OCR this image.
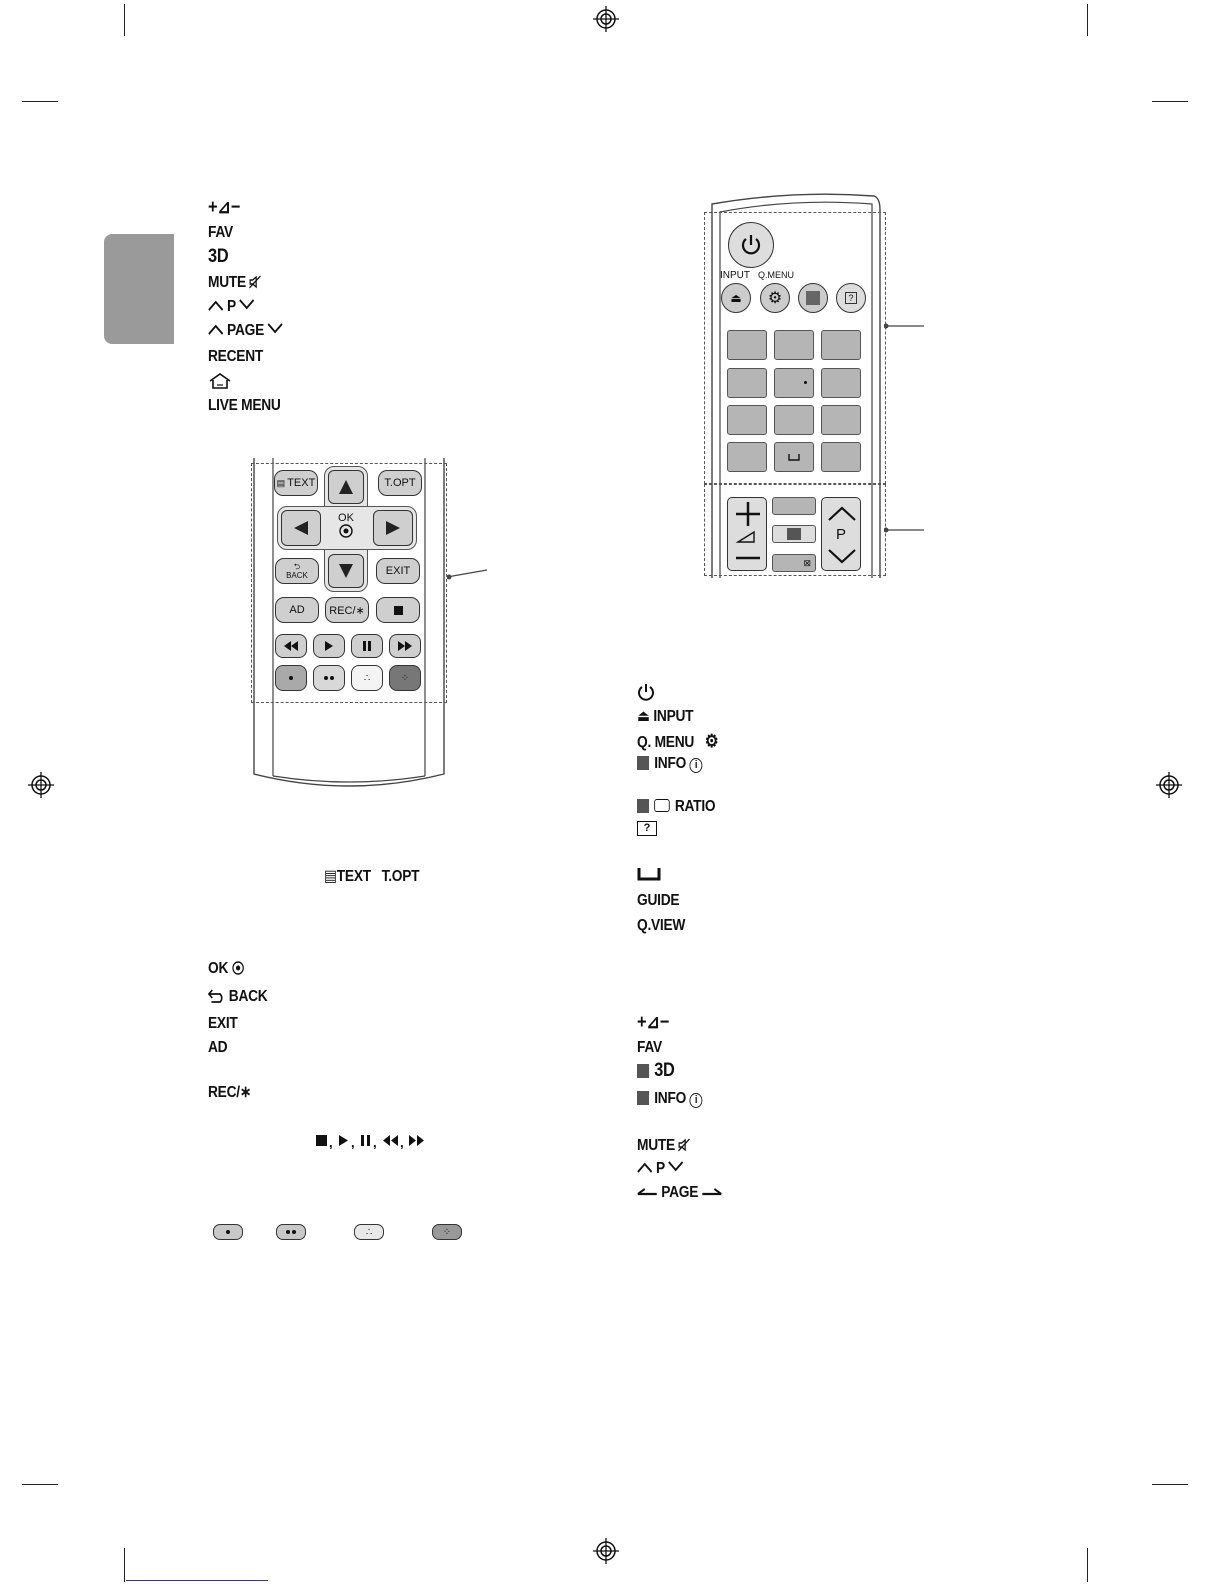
+⊿−
FAV
3D
MUTE
P
PAGE
RECENT
LIVE MENU
▤ TEXT	T.OPT
OK
⮌
BACK	EXIT
AD REC/∗
∴	⁘
▤TEXT T.OPT
OK
BACK
EXIT
AD
REC/∗
, , , ,
∴	⁘
INPUT Q.MENU
⏏ ⚙	?
⊠
P
⏏ INPUT
Q. MENU ⚙
INFO i
RATIO
?
GUIDE
Q.VIEW
+⊿−
FAV
3D
INFO i
MUTE
P
PAGE
